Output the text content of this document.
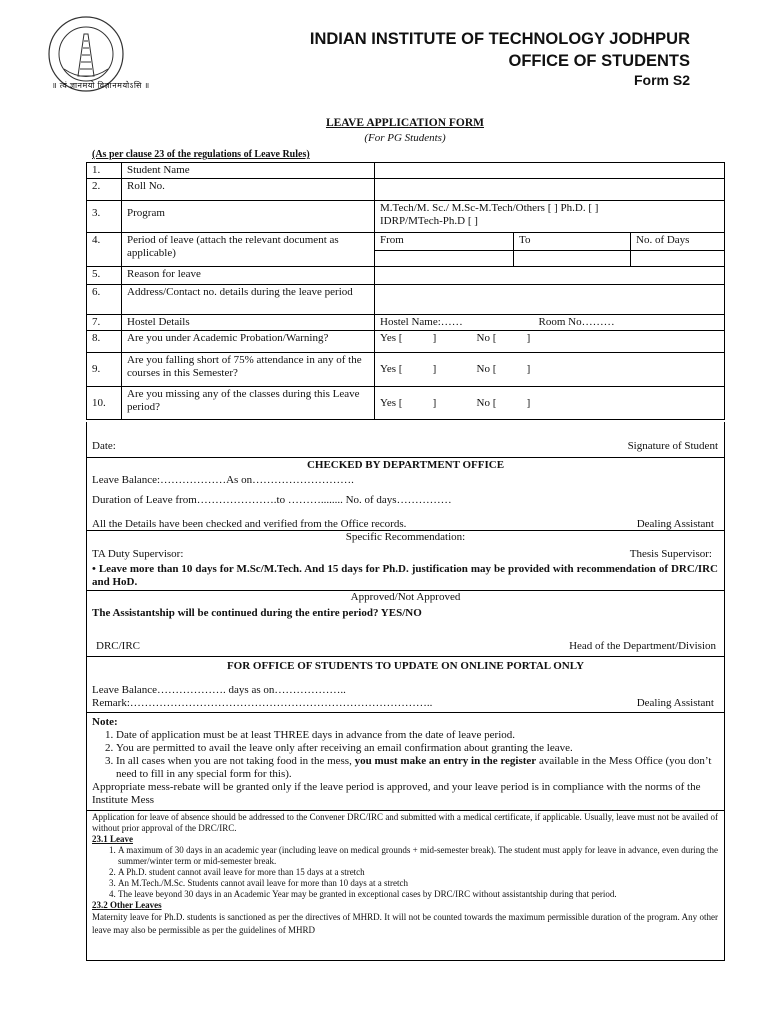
॥ त्वं ज्ञानमयो विज्ञानमयोऽसि ॥
INDIAN INSTITUTE OF TECHNOLOGY JODHPUR
OFFICE OF STUDENTS
Form S2
LEAVE APPLICATION FORM
(For PG Students)
(As per clause 23 of the regulations of Leave Rules)
1.	Student Name			
2.	Roll No.			
3.	Program	M.Tech/M. Sc./ M.Sc-M.Tech/Others [ ] Ph.D. [ ]
IDRP/MTech-Ph.D [ ]		

4.	Period of leave (attach the relevant document as applicable)	From	To	No. of Days

5.	Reason for leave			
6.	Address/Contact no. details during the leave period			
7.	Hostel Details	Hostel Name:…… Room No………		

8.	Are you under Academic Probation/Warning?	Yes [           ] No [           ]		

9.	Are you falling short of 75% attendance in any of the courses in this Semester?	Yes [           ] No [           ]		

10.	Are you missing any of the classes during this Leave period?	Yes [           ] No [           ]		
Date:	Signature of Student
CHECKED BY DEPARTMENT OFFICE
Leave Balance:………………As on……………………….
Duration of Leave from………………….to ………........ No. of days……………
All the Details have been checked and verified from the Office records.	Dealing Assistant
Specific Recommendation:
TA Duty Supervisor:	Thesis Supervisor:
• Leave more than 10 days for M.Sc/M.Tech. And 15 days for Ph.D. justification may be provided with recommendation of DRC/IRC and HoD.
Approved/Not Approved
The Assistantship will be continued during the entire period? YES/NO
DRC/IRC	Head of the Department/Division
FOR OFFICE OF STUDENTS TO UPDATE ON ONLINE PORTAL ONLY
Leave Balance………………. days as on………………..
Remark:………………………………………………………………………..	Dealing Assistant
Note:
1. Date of application must be at least THREE days in advance from the date of leave period.
2. You are permitted to avail the leave only after receiving an email confirmation about granting the leave.
3. In all cases when you are not taking food in the mess, you must make an entry in the register available in the Mess Office (you don’t need to fill in any special form for this).
Appropriate mess-rebate will be granted only if the leave period is approved, and your leave period is in compliance with the norms of the Institute Mess
Application for leave of absence should be addressed to the Convener DRC/IRC and submitted with a medical certificate, if applicable. Usually, leave must not be availed of without prior approval of the DRC/IRC.
23.1 Leave
1. A maximum of 30 days in an academic year (including leave on medical grounds + mid-semester break). The student must apply for leave in advance, even during the summer/winter term or mid-semester break.
2. A Ph.D. student cannot avail leave for more than 15 days at a stretch
3. An M.Tech./M.Sc. Students cannot avail leave for more than 10 days at a stretch
4. The leave beyond 30 days in an Academic Year may be granted in exceptional cases by DRC/IRC without assistantship during that period.
23.2 Other Leaves
Maternity leave for Ph.D. students is sanctioned as per the directives of MHRD. It will not be counted towards the maximum permissible duration of the program. Any other leave may also be permissible as per the guidelines of MHRD
